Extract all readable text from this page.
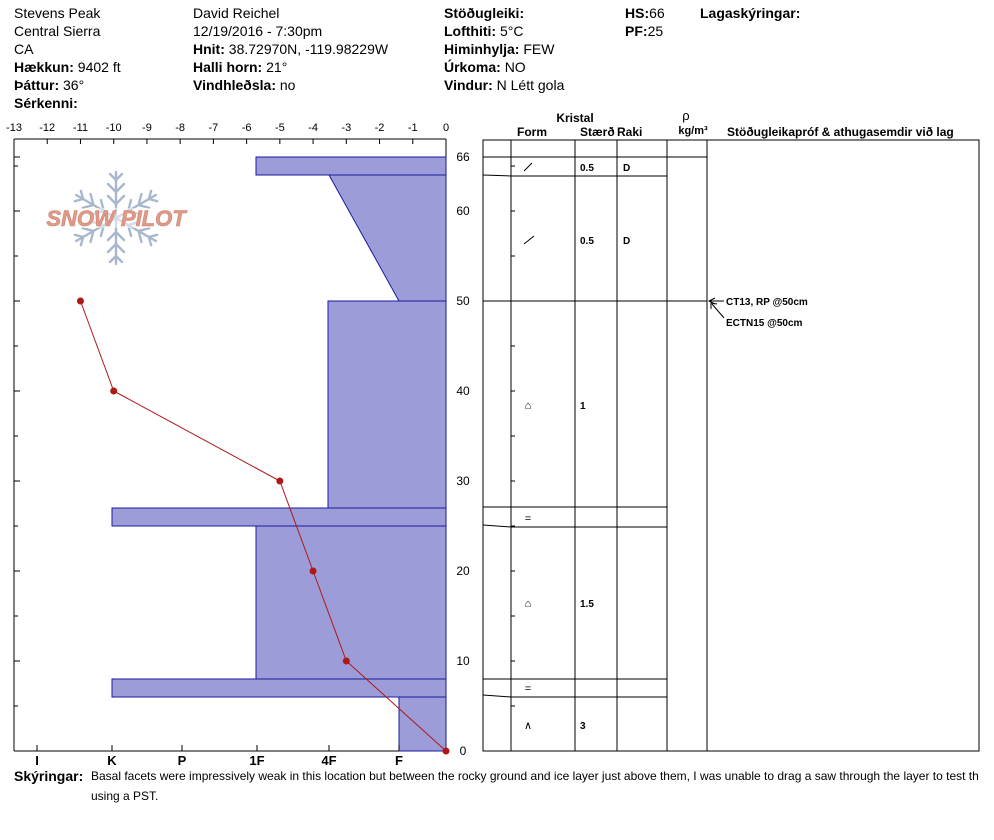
Stevens Peak
Central Sierra
CA
Hækkun: 9402 ft
Þáttur: 36°
Sérkenni:
David Reichel
12/19/2016 - 7:30pm
Hnit: 38.72970N, -119.98229W
Halli horn: 21°
Vindhleðsla: no
Stöðugleiki:
Lofthiti: 5°C
Himinhylja: FEW
Úrkoma: NO
Vindur: N Létt gola
HS:66
PF:25
Lagaskýringar:
SNOW PILOT
-13 -12 -11 -10 -9 -8 -7 -6 -5 -4 -3 -2 -1 0
I	K	P	1F	4F	F
0
10
20
30
40
50
60
66
Kristal
Form	Stærð Raki
ρ
kg/m³ Stöðugleikapróf & athugasemdir við lag
0.5	D
0.5	D
⌂	1
=
⌂	1.5
=
∧	3
CT13, RP @50cm
ECTN15 @50cm
Skýringar: Basal facets were impressively weak in this location but between the rocky ground and ice layer just above them, I was unable to drag a saw through the layer to test th
using a PST.
